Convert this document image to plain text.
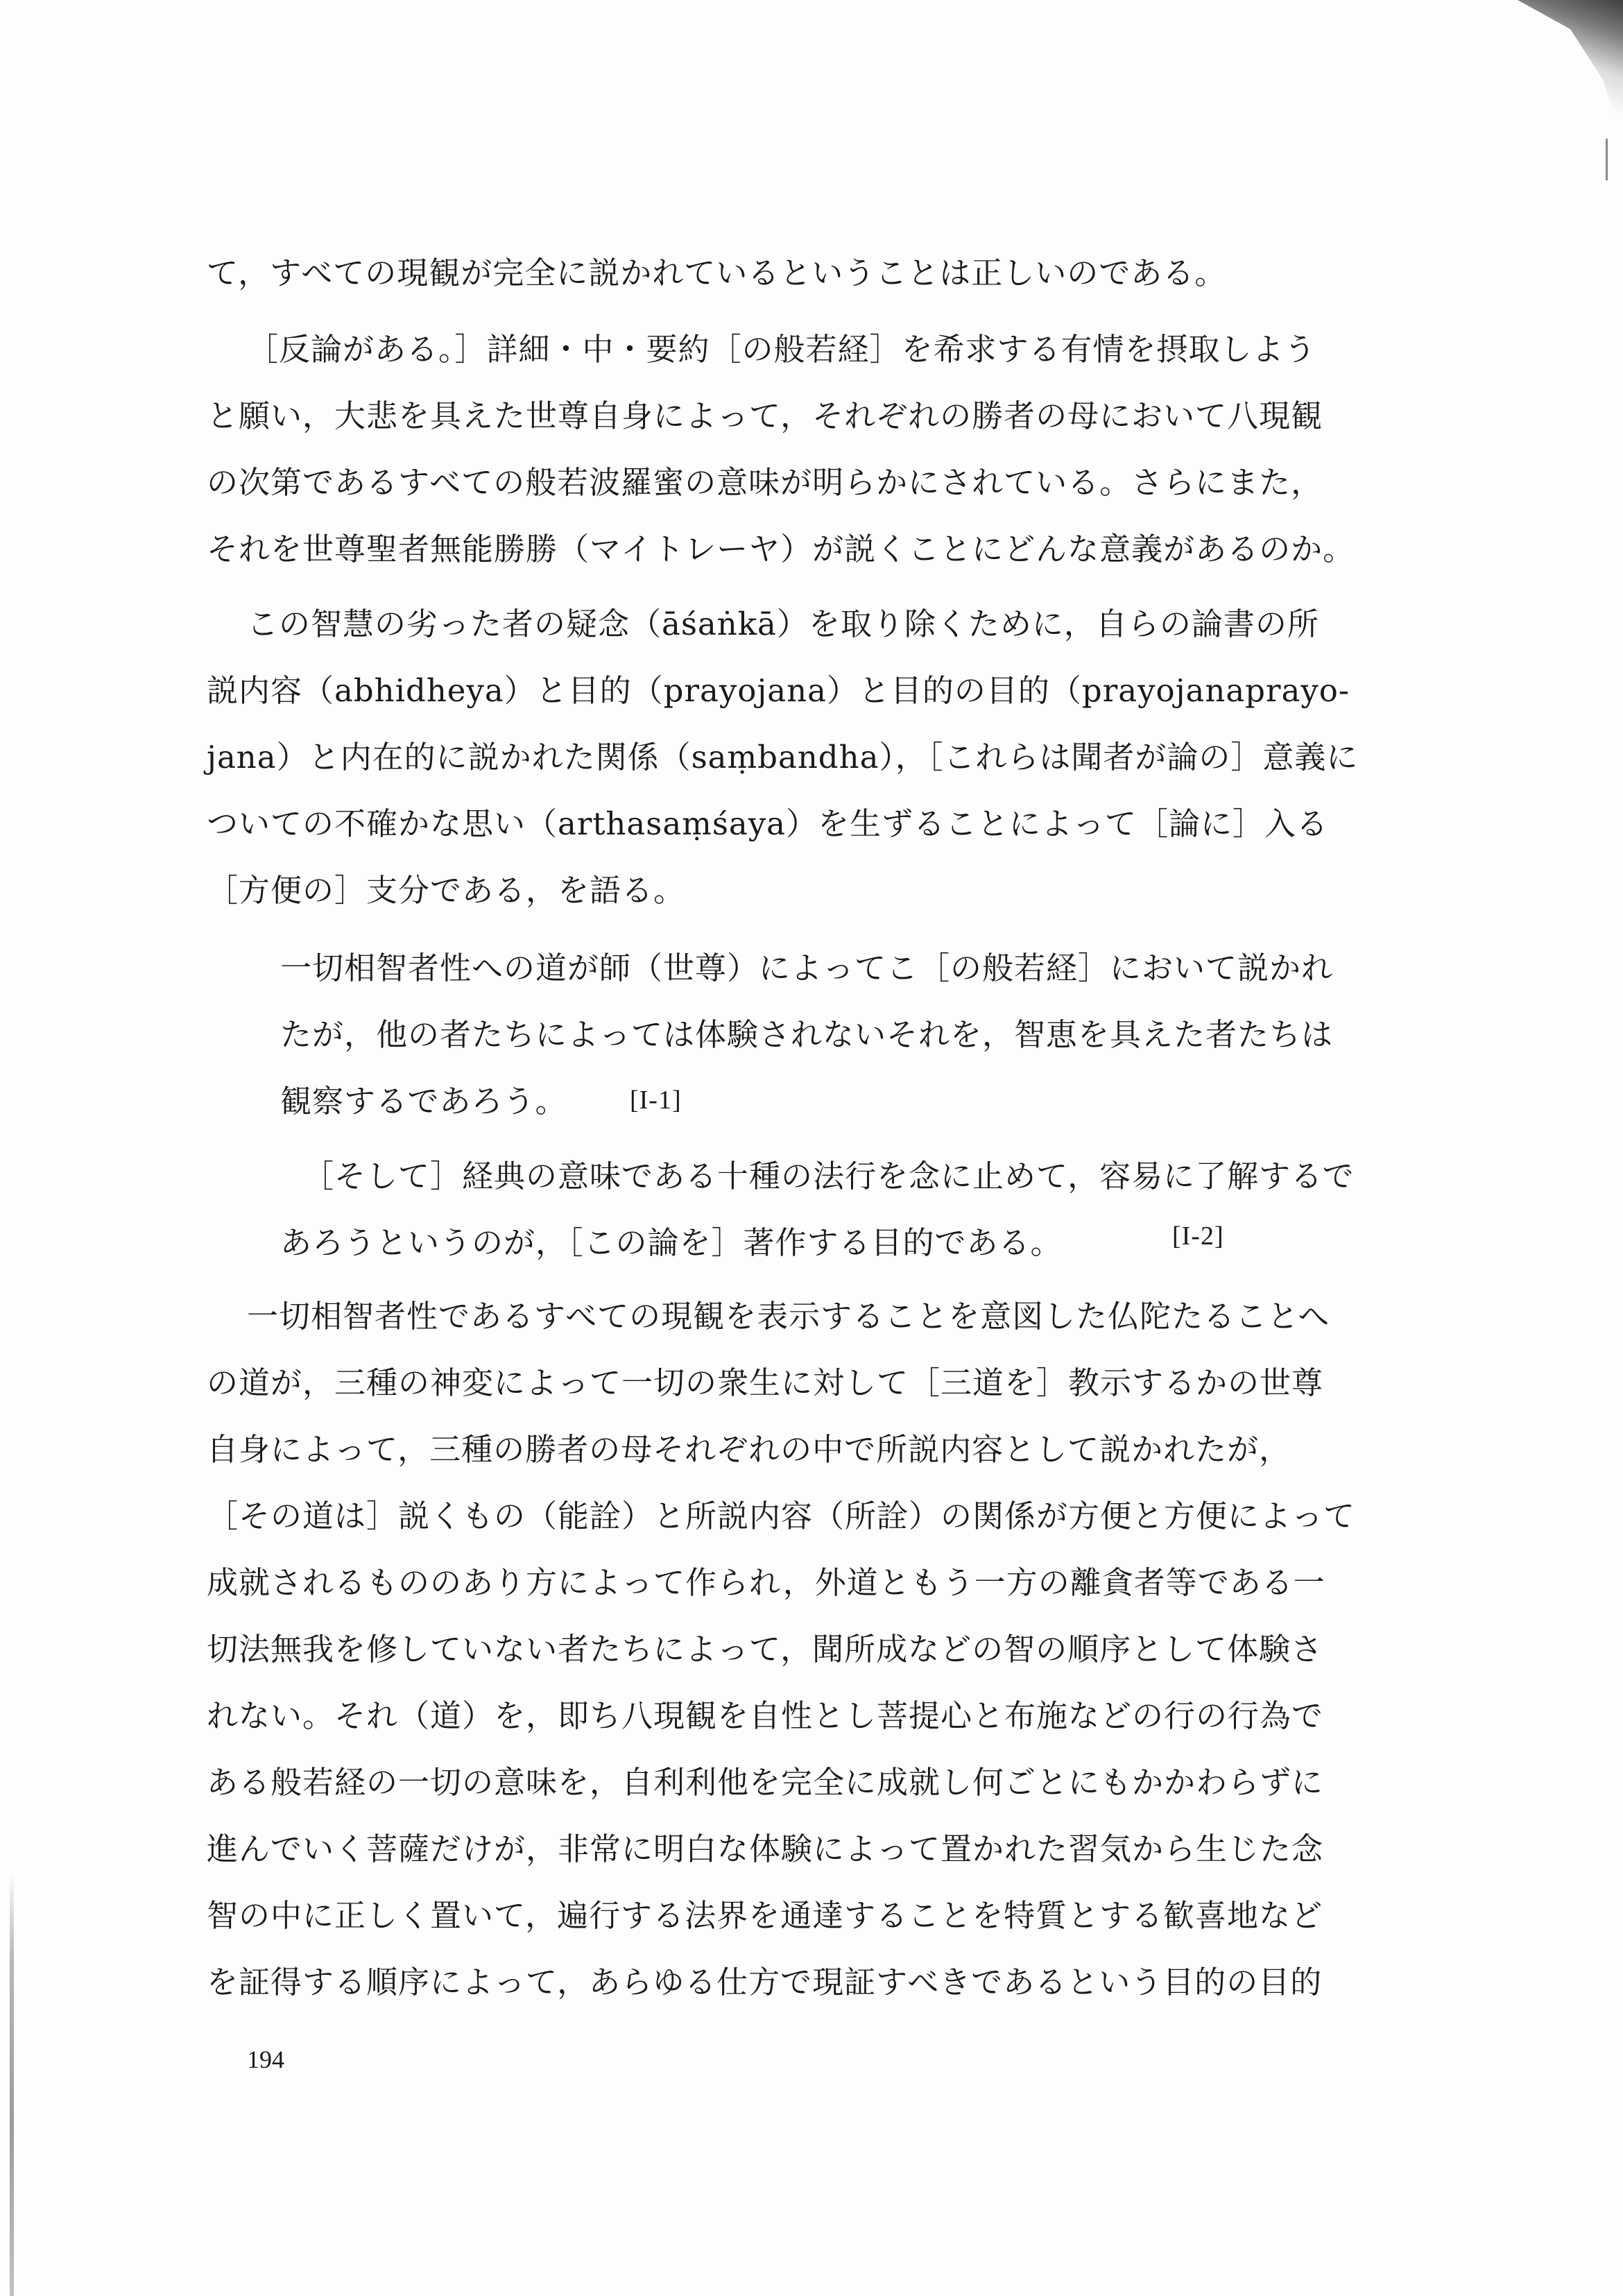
て，すべての現観が完全に説かれているということは正しいのである。
［反論がある。］詳細・中・要約［の般若経］を希求する有情を摂取しよう
と願い，大悲を具えた世尊自身によって，それぞれの勝者の母において八現観
の次第であるすべての般若波羅蜜の意味が明らかにされている。さらにまた，
それを世尊聖者無能勝勝（マイトレーヤ）が説くことにどんな意義があるのか。
この智慧の劣った者の疑念（āśaṅkā）を取り除くために，自らの論書の所
説内容（abhidheya）と目的（prayojana）と目的の目的（prayojanaprayo-
jana）と内在的に説かれた関係（saṃbandha），［これらは聞者が論の］意義に
ついての不確かな思い（arthasaṃśaya）を生ずることによって［論に］入る
［方便の］支分である，を語る。
一切相智者性への道が師（世尊）によってこ［の般若経］において説かれ
たが，他の者たちによっては体験されないそれを，智恵を具えた者たちは
観察するであろう。 [I-1]
［そして］経典の意味である十種の法行を念に止めて，容易に了解するで
あろうというのが，［この論を］著作する目的である。	[I-2]
一切相智者性であるすべての現観を表示することを意図した仏陀たることへ
の道が，三種の神変によって一切の衆生に対して［三道を］教示するかの世尊
自身によって，三種の勝者の母それぞれの中で所説内容として説かれたが，
［その道は］説くもの（能詮）と所説内容（所詮）の関係が方便と方便によって
成就されるもののあり方によって作られ，外道ともう一方の離貪者等である一
切法無我を修していない者たちによって，聞所成などの智の順序として体験さ
れない。それ（道）を，即ち八現観を自性とし菩提心と布施などの行の行為で
ある般若経の一切の意味を，自利利他を完全に成就し何ごとにもかかわらずに
進んでいく菩薩だけが，非常に明白な体験によって置かれた習気から生じた念
智の中に正しく置いて，遍行する法界を通達することを特質とする歓喜地など
を証得する順序によって，あらゆる仕方で現証すべきであるという目的の目的
194
